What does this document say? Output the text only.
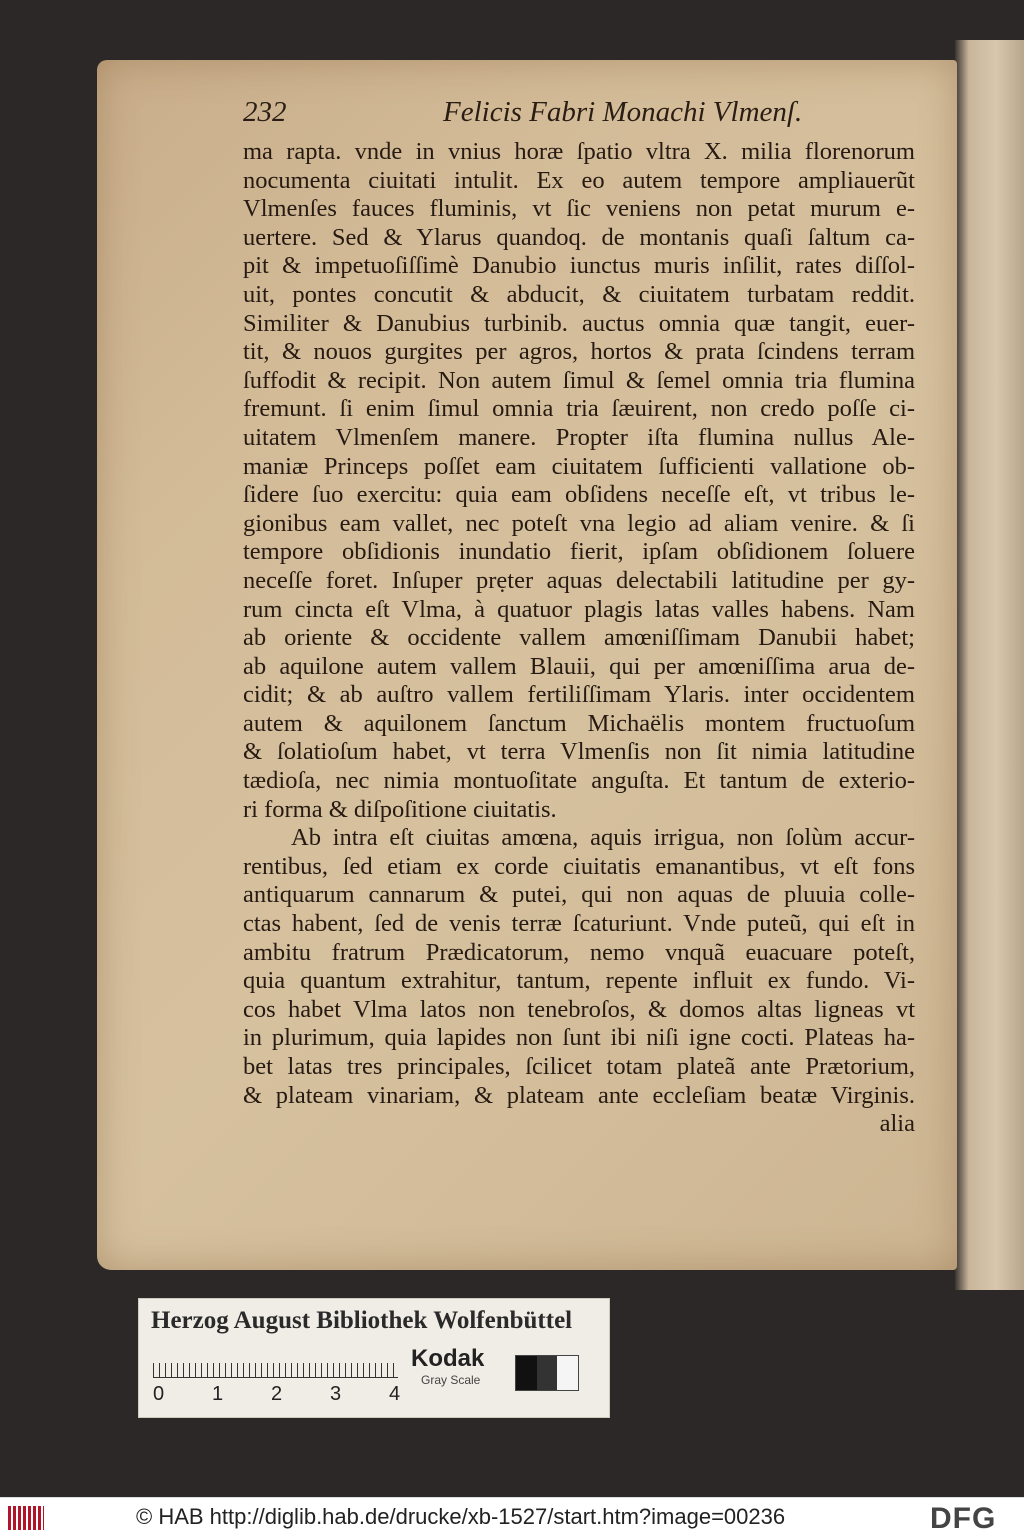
232	Felicis Fabri Monachi Vlmenſ.
ma rapta. vnde in vnius horæ ſpatio vltra X. milia florenorum
nocumenta ciuitati intulit. Ex eo autem tempore ampliauerũt
Vlmenſes fauces fluminis, vt ſic veniens non petat murum e-
uertere. Sed & Ylarus quandoq. de montanis quaſi ſaltum ca-
pit & impetuoſiſſimè Danubio iunctus muris inſilit, rates diſſol-
uit, pontes concutit & abducit, & ciuitatem turbatam reddit.
Similiter & Danubius turbinib. auctus omnia quæ tangit, euer-
tit, & nouos gurgites per agros, hortos & prata ſcindens terram
ſuffodit & recipit. Non autem ſimul & ſemel omnia tria flumina
fremunt. ſi enim ſimul omnia tria ſæuirent, non credo poſſe ci-
uitatem Vlmenſem manere. Propter iſta flumina nullus Ale-
maniæ Princeps poſſet eam ciuitatem ſufficienti vallatione ob-
ſidere ſuo exercitu: quia eam obſidens neceſſe eſt, vt tribus le-
gionibus eam vallet, nec poteſt vna legio ad aliam venire. & ſi
tempore obſidionis inundatio fierit, ipſam obſidionem ſoluere
neceſſe foret. Inſuper prẹter aquas delectabili latitudine per gy-
rum cincta eſt Vlma, à quatuor plagis latas valles habens. Nam
ab oriente & occidente vallem amœniſſimam Danubii habet;
ab aquilone autem vallem Blauii, qui per amœniſſima arua de-
cidit; & ab auſtro vallem fertiliſſimam Ylaris. inter occidentem
autem & aquilonem ſanctum Michaëlis montem fructuoſum
& ſolatioſum habet, vt terra Vlmenſis non ſit nimia latitudine
tædioſa, nec nimia montuoſitate anguſta. Et tantum de exterio-
ri forma & diſpoſitione ciuitatis.
Ab intra eſt ciuitas amœna, aquis irrigua, non ſolùm accur-
rentibus, ſed etiam ex corde ciuitatis emanantibus, vt eſt fons
antiquarum cannarum & putei, qui non aquas de pluuia colle-
ctas habent, ſed de venis terræ ſcaturiunt. Vnde puteũ, qui eſt in
ambitu fratrum Prædicatorum, nemo vnquã euacuare poteſt,
quia quantum extrahitur, tantum, repente influit ex fundo. Vi-
cos habet Vlma latos non tenebroſos, & domos altas ligneas vt
in plurimum, quia lapides non ſunt ibi niſi igne cocti. Plateas ha-
bet latas tres principales, ſcilicet totam plateã ante Prætorium,
& plateam vinariam, & plateam ante eccleſiam beatæ Virginis.
alia
Herzog August Bibliothek Wolfenbüttel
0 1 2 3 4
Kodak
Gray Scale
© HAB http://diglib.hab.de/drucke/xb-1527/start.htm?image=00236	DFG
